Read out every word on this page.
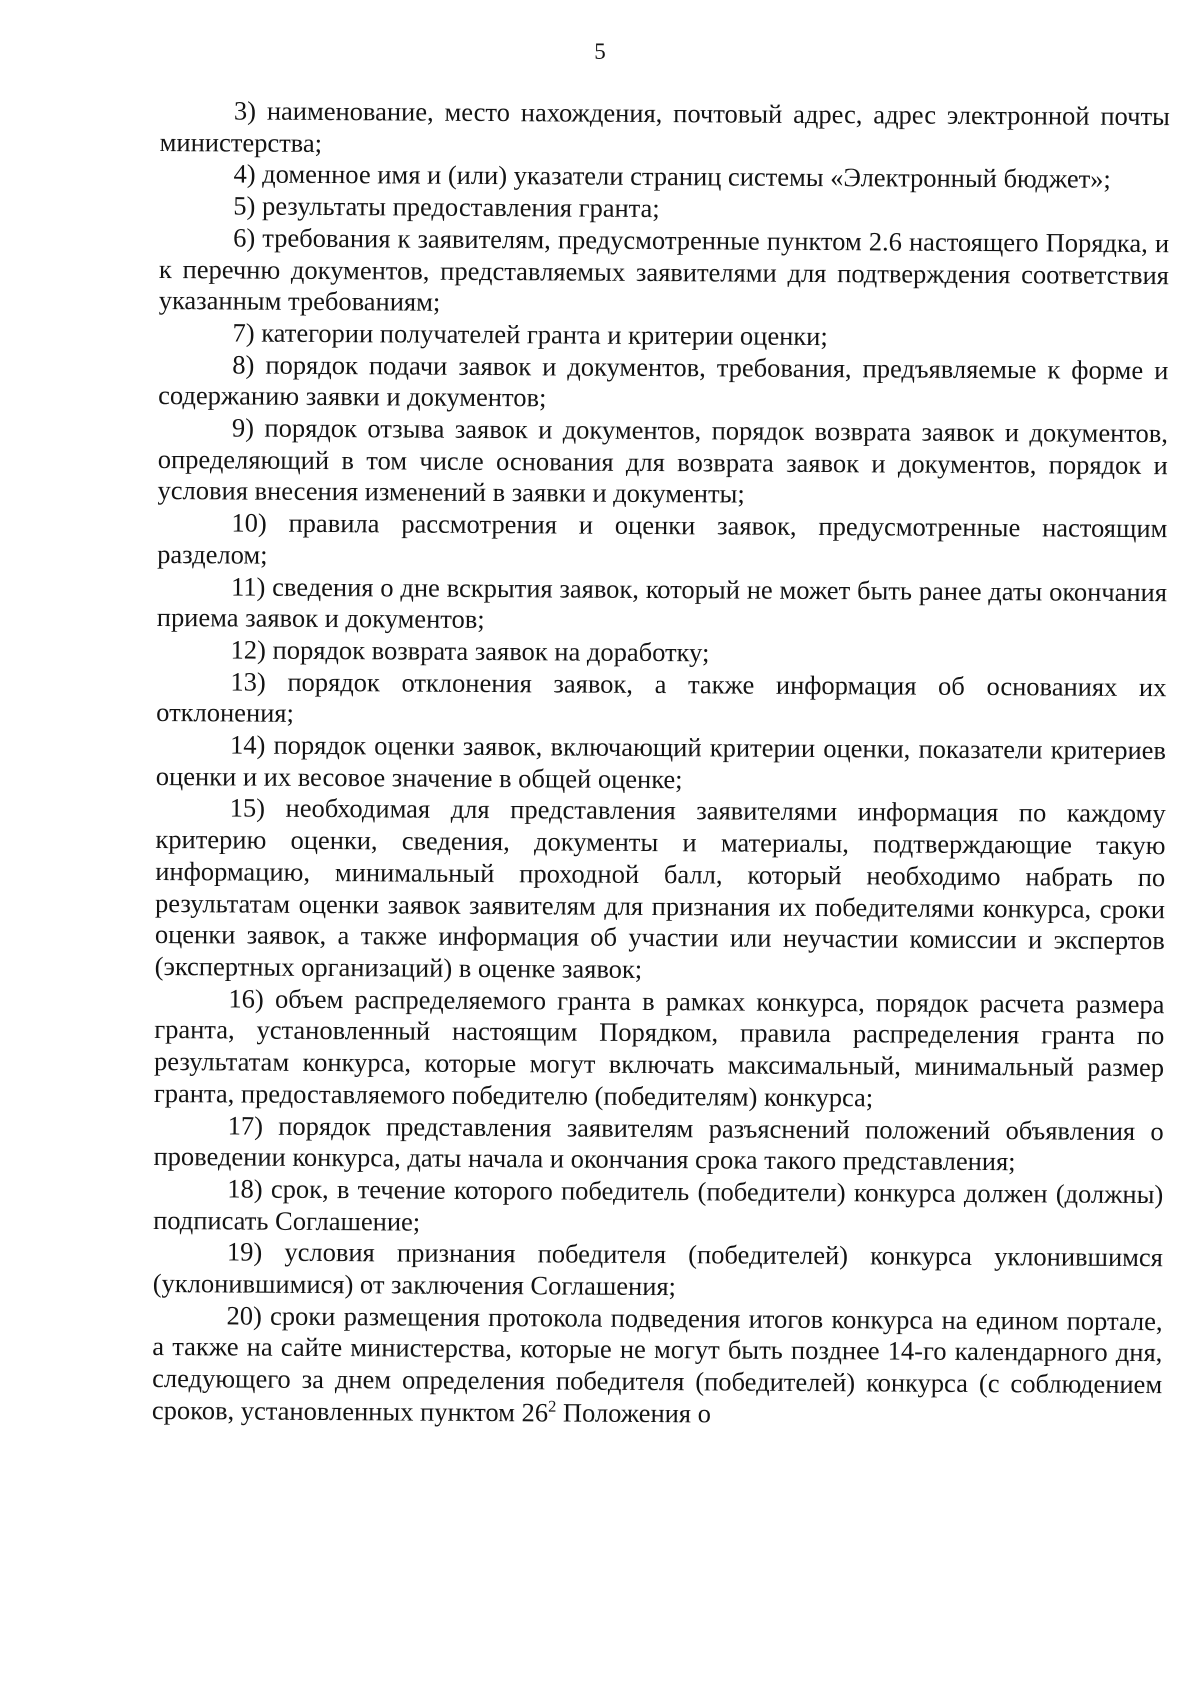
5

3) наименование, место нахождения, почтовый адрес, адрес электронной почты министерства;

4) доменное имя и (или) указатели страниц системы «Электронный бюджет»;

5) результаты предоставления гранта;

6) требования к заявителям, предусмотренные пунктом 2.6 настоящего Порядка, и к перечню документов, представляемых заявителями для подтверждения соответствия указанным требованиям;

7) категории получателей гранта и критерии оценки;

8) порядок подачи заявок и документов, требования, предъявляемые к форме и содержанию заявки и документов;

9) порядок отзыва заявок и документов, порядок возврата заявок и документов, определяющий в том числе основания для возврата заявок и документов, порядок и условия внесения изменений в заявки и документы;

10) правила рассмотрения и оценки заявок, предусмотренные настоящим разделом;

11) сведения о дне вскрытия заявок, который не может быть ранее даты окончания приема заявок и документов;

12) порядок возврата заявок на доработку;

13) порядок отклонения заявок, а также информация об основаниях их отклонения;

14) порядок оценки заявок, включающий критерии оценки, показатели критериев оценки и их весовое значение в общей оценке;

15) необходимая для представления заявителями информация по каждому критерию оценки, сведения, документы и материалы, подтверждающие такую информацию, минимальный проходной балл, который необходимо набрать по результатам оценки заявок заявителям для признания их победителями конкурса, сроки оценки заявок, а также информация об участии или неучастии комиссии и экспертов (экспертных организаций) в оценке заявок;

16) объем распределяемого гранта в рамках конкурса, порядок расчета размера гранта, установленный настоящим Порядком, правила распределения гранта по результатам конкурса, которые могут включать максимальный, минимальный размер гранта, предоставляемого победителю (победителям) конкурса;

17) порядок представления заявителям разъяснений положений объявления о проведении конкурса, даты начала и окончания срока такого представления;

18) срок, в течение которого победитель (победители) конкурса должен (должны) подписать Соглашение;

19) условия признания победителя (победителей) конкурса уклонившимся (уклонившимися) от заключения Соглашения;

20) сроки размещения протокола подведения итогов конкурса на едином портале, а также на сайте министерства, которые не могут быть позднее 14-го календарного дня, следующего за днем определения победителя (победителей) конкурса (с соблюдением сроков, установленных пунктом $26^2$ Положения о
